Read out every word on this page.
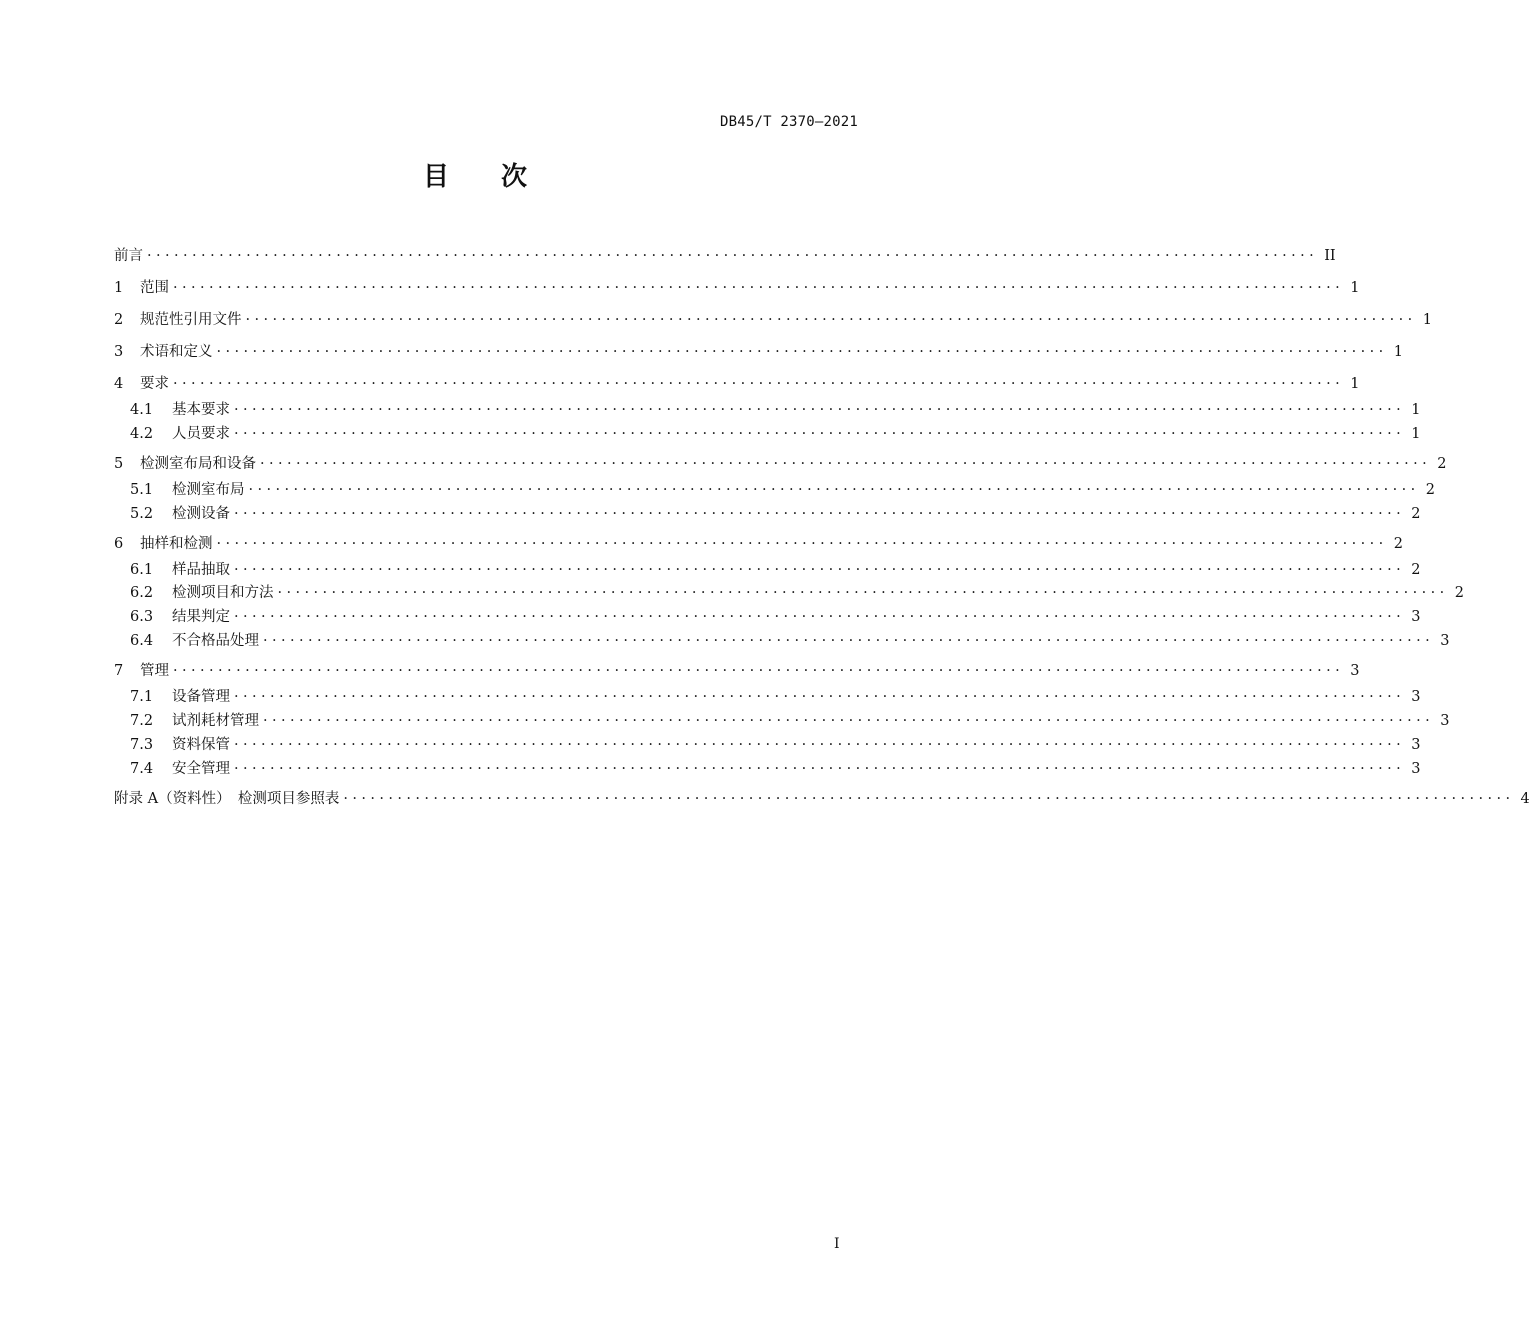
DB45/T 2370—2021
目次
前言 ·································································································································· II
1	范围 ·································································································································· 1
2	规范性引用文件 ·································································································································· 1
3	术语和定义 ·································································································································· 1
4	要求 ·································································································································· 1
4.1	基本要求 ·································································································································· 1
4.2	人员要求 ·································································································································· 1
5	检测室布局和设备 ·································································································································· 2
5.1	检测室布局 ·································································································································· 2
5.2	检测设备 ·································································································································· 2
6	抽样和检测 ·································································································································· 2
6.1	样品抽取 ·································································································································· 2
6.2	检测项目和方法 ·································································································································· 2
6.3	结果判定 ·································································································································· 3
6.4	不合格品处理 ·································································································································· 3
7	管理 ·································································································································· 3
7.1	设备管理 ·································································································································· 3
7.2	试剂耗材管理 ·································································································································· 3
7.3	资料保管 ·································································································································· 3
7.4	安全管理 ·································································································································· 3
附录 A（资料性）　检测项目参照表 ·································································································································· 4
I
